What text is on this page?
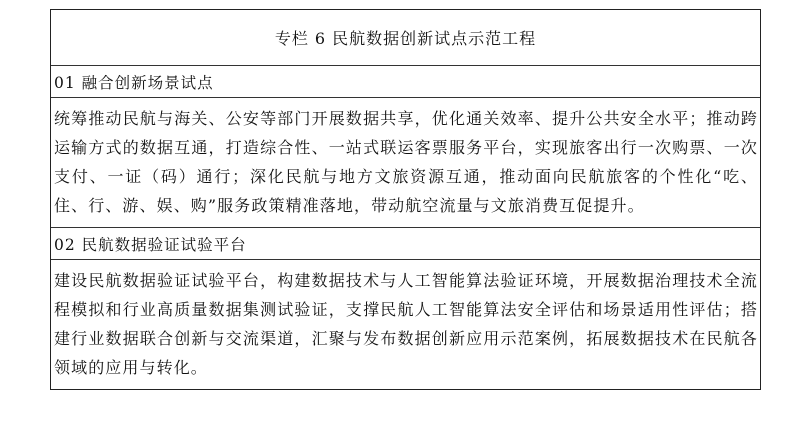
专栏 6 民航数据创新试点示范工程
01 融合创新场景试点
统筹推动民航与海关、公安等部门开展数据共享，优化通关效率、提升公共安全水平；推动跨运输方式的数据互通，打造综合性、一站式联运客票服务平台，实现旅客出行一次购票、一次支付、一证（码）通行；深化民航与地方文旅资源互通，推动面向民航旅客的个性化“吃、住、行、游、娱、购”服务政策精准落地，带动航空流量与文旅消费互促提升。
02 民航数据验证试验平台
建设民航数据验证试验平台，构建数据技术与人工智能算法验证环境，开展数据治理技术全流程模拟和行业高质量数据集测试验证，支撑民航人工智能算法安全评估和场景适用性评估；搭建行业数据联合创新与交流渠道，汇聚与发布数据创新应用示范案例，拓展数据技术在民航各领域的应用与转化。
